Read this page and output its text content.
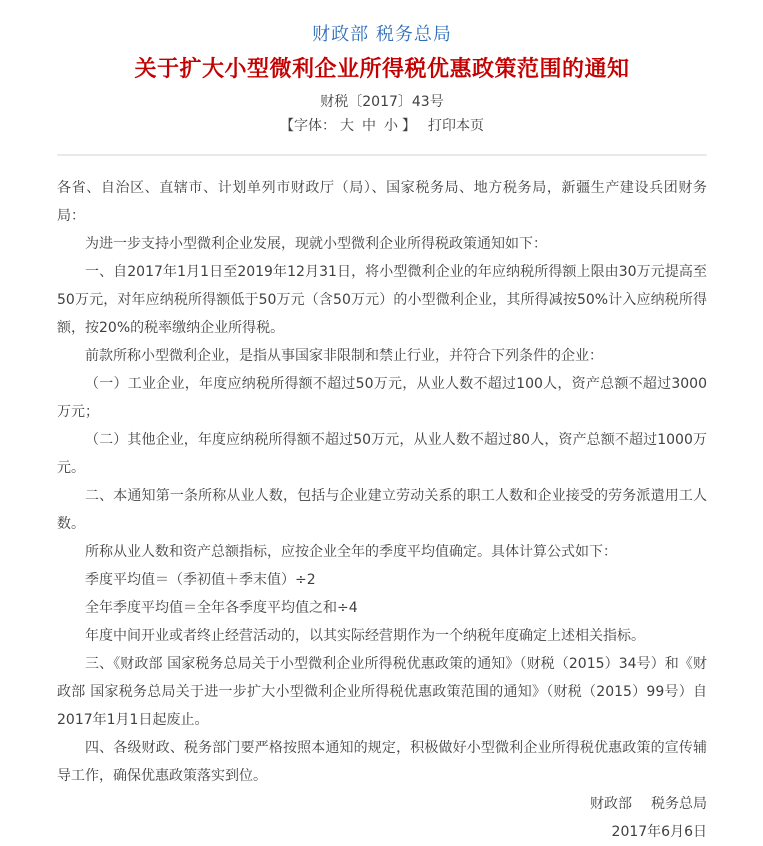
财政部 税务总局
关于扩大小型微利企业所得税优惠政策范围的通知
财税〔2017〕43号
【字体： 大 中 小 】 打印本页

各省、自治区、直辖市、计划单列市财政厅（局）、国家税务局、地方税务局，新疆生产建设兵团财务局：

为进一步支持小型微利企业发展，现就小型微利企业所得税政策通知如下：

一、自2017年1月1日至2019年12月31日，将小型微利企业的年应纳税所得额上限由30万元提高至50万元，对年应纳税所得额低于50万元（含50万元）的小型微利企业，其所得减按50%计入应纳税所得额，按20%的税率缴纳企业所得税。

前款所称小型微利企业，是指从事国家非限制和禁止行业，并符合下列条件的企业：

（一）工业企业，年度应纳税所得额不超过50万元，从业人数不超过100人，资产总额不超过3000万元；

（二）其他企业，年度应纳税所得额不超过50万元，从业人数不超过80人，资产总额不超过1000万元。

二、本通知第一条所称从业人数，包括与企业建立劳动关系的职工人数和企业接受的劳务派遣用工人数。

所称从业人数和资产总额指标，应按企业全年的季度平均值确定。具体计算公式如下：

季度平均值＝（季初值＋季末值）÷2

全年季度平均值＝全年各季度平均值之和÷4

年度中间开业或者终止经营活动的，以其实际经营期作为一个纳税年度确定上述相关指标。

三、《财政部 国家税务总局关于小型微利企业所得税优惠政策的通知》（财税（2015）34号）和《财政部 国家税务总局关于进一步扩大小型微利企业所得税优惠政策范围的通知》（财税（2015）99号）自2017年1月1日起废止。

四、各级财政、税务部门要严格按照本通知的规定，积极做好小型微利企业所得税优惠政策的宣传辅导工作，确保优惠政策落实到位。

财政部 税务总局

2017年6月6日
